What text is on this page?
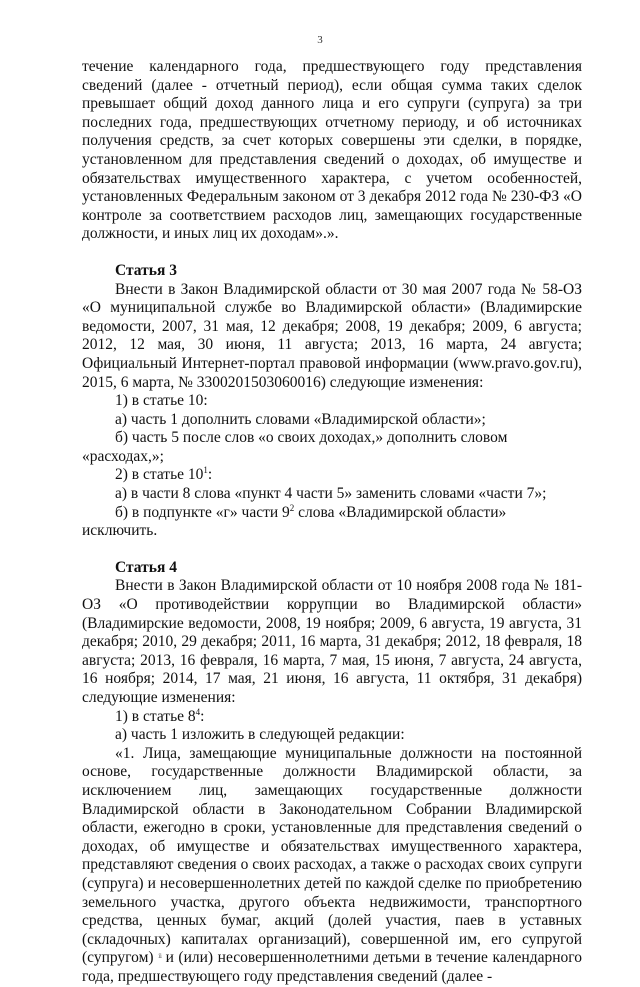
3

течение календарного года, предшествующего году представления сведений (далее - отчетный период), если общая сумма таких сделок превышает общий доход данного лица и его супруги (супруга) за три последних года, предшествующих отчетному периоду, и об источниках получения средств, за счет которых совершены эти сделки, в порядке, установленном для представления сведений о доходах, об имуществе и обязательствах имущественного характера, с учетом особенностей, установленных Федеральным законом от 3 декабря 2012 года № 230-ФЗ «О контроле за соответствием расходов лиц, замещающих государственные должности, и иных лиц их доходам».».

Статья 3

Внести в Закон Владимирской области от 30 мая 2007 года № 58-ОЗ «О муниципальной службе во Владимирской области» (Владимирские ведомости, 2007, 31 мая, 12 декабря; 2008, 19 декабря; 2009, 6 августа; 2012, 12 мая, 30 июня, 11 августа; 2013, 16 марта, 24 августа; Официальный Интернет-портал правовой информации (www.pravo.gov.ru), 2015, 6 марта, № 3300201503060016) следующие изменения:

1) в статье 10:

а) часть 1 дополнить словами «Владимирской области»;

б) часть 5 после слов «о своих доходах,» дополнить словом «расходах,»;

2) в статье $10^1$:

а) в части 8 слова «пункт 4 части 5» заменить словами «части 7»;

б) в подпункте «г» части $9^2$ слова «Владимирской области» исключить.

Статья 4

Внести в Закон Владимирской области от 10 ноября 2008 года № 181-ОЗ «О противодействии коррупции во Владимирской области» (Владимирские ведомости, 2008, 19 ноября; 2009, 6 августа, 19 августа, 31 декабря; 2010, 29 декабря; 2011, 16 марта, 31 декабря; 2012, 18 февраля, 18 августа; 2013, 16 февраля, 16 марта, 7 мая, 15 июня, 7 августа, 24 августа, 16 ноября; 2014, 17 мая, 21 июня, 16 августа, 11 октября, 31 декабря) следующие изменения:

1) в статье $8^4$:

а) часть 1 изложить в следующей редакции:

«1. Лица, замещающие муниципальные должности на постоянной основе, государственные должности Владимирской области, за исключением лиц, замещающих государственные должности Владимирской области в Законодательном Собрании Владимирской области, ежегодно в сроки, установленные для представления сведений о доходах, об имуществе и обязательствах имущественного характера, представляют сведения о своих расходах, а также о расходах своих супруги (супруга) и несовершеннолетних детей по каждой сделке по приобретению земельного участка, другого объекта недвижимости, транспортного средства, ценных бумаг, акций (долей участия, паев в уставных (складочных) капиталах организаций), совершенной им, его супругой (супругом) ⁱⁱ и (или) несовершеннолетними детьми в течение календарного года, предшествующего году представления сведений (далее -
